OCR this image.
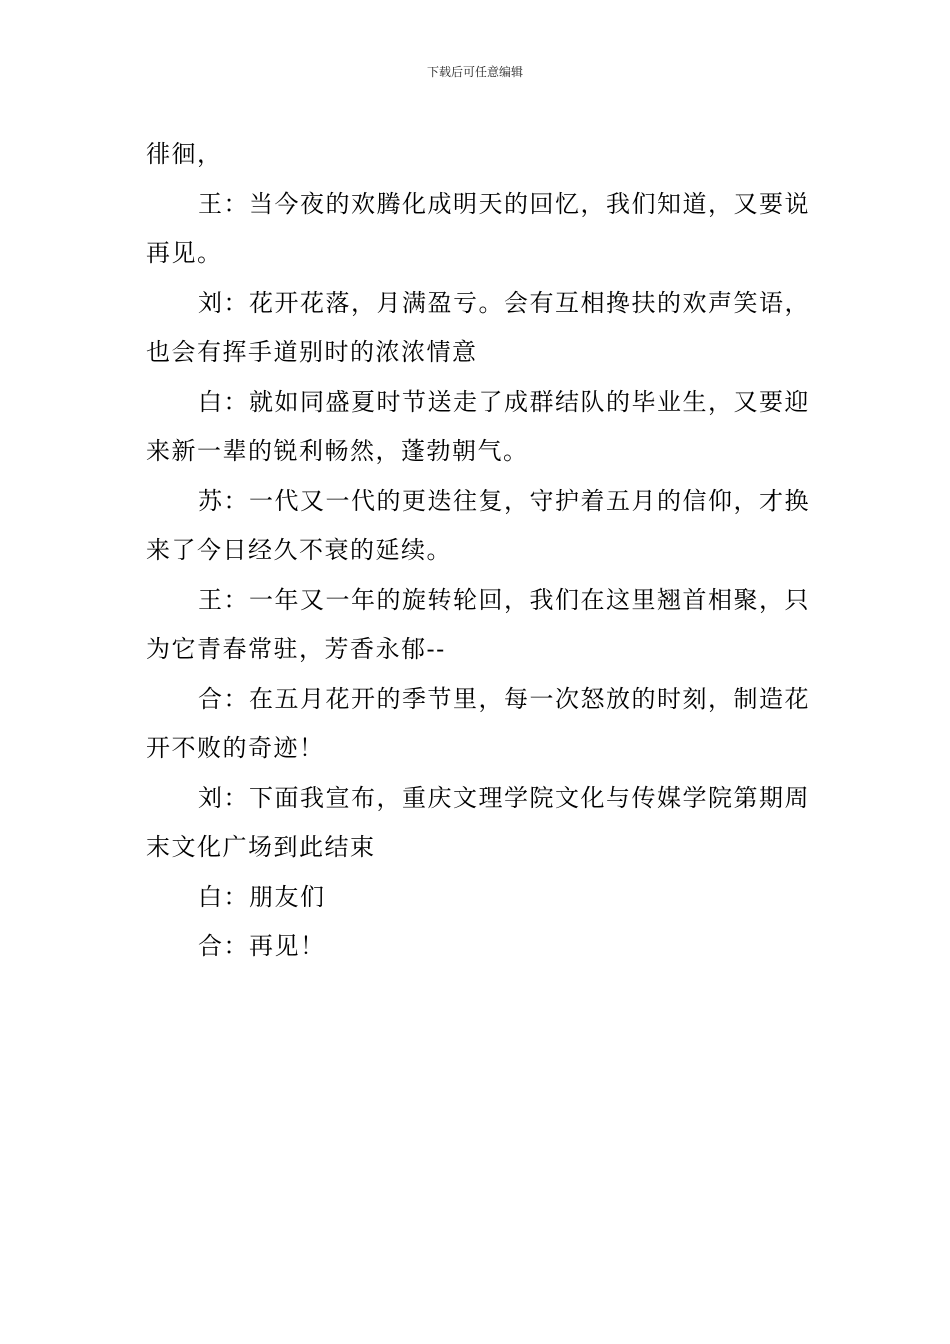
下载后可任意编辑

徘徊，

王：当今夜的欢腾化成明天的回忆，我们知道，又要说再见。

刘：花开花落，月满盈亏。会有互相搀扶的欢声笑语，也会有挥手道别时的浓浓情意

白：就如同盛夏时节送走了成群结队的毕业生，又要迎来新一辈的锐利畅然，蓬勃朝气。

苏：一代又一代的更迭往复，守护着五月的信仰，才换来了今日经久不衰的延续。

王：一年又一年的旋转轮回，我们在这里翘首相聚，只为它青春常驻，芳香永郁--

合：在五月花开的季节里，每一次怒放的时刻，制造花开不败的奇迹！

刘：下面我宣布，重庆文理学院文化与传媒学院第期周末文化广场到此结束

白：朋友们

合：再见！
